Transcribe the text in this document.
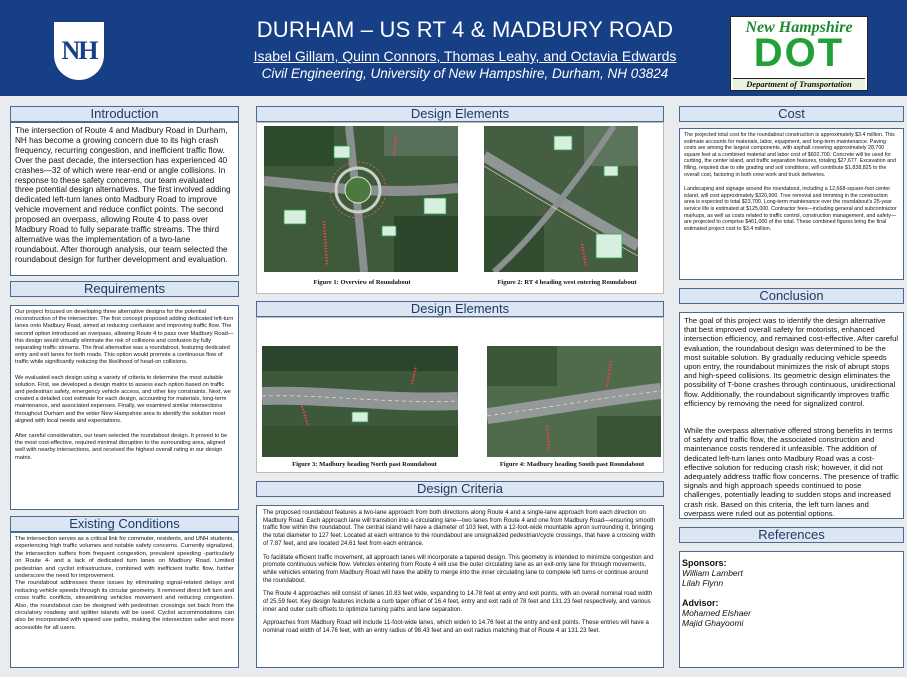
NH
DURHAM – US RT 4 & MADBURY ROAD
Isabel Gillam, Quinn Connors, Thomas Leahy, and Octavia Edwards
Civil Engineering, University of New Hampshire, Durham, NH 03824
New Hampshire
DOT
Department of Transportation
Introduction
The intersection of Route 4 and Madbury Road in Durham, NH has become a growing concern due to its high crash frequency, recurring congestion, and inefficient traffic flow. Over the past decade, the intersection has experienced 40 crashes—32 of which were rear-end or angle collisions. In response to these safety concerns, our team evaluated three potential design alternatives. The first involved adding dedicated left-turn lanes onto Madbury Road to improve vehicle movement and reduce conflict points. The second proposed an overpass, allowing Route 4 to pass over Madbury Road to fully separate traffic streams. The third alternative was the implementation of a two-lane roundabout. After thorough analysis, our team selected the roundabout design for further development and evaluation.
Requirements

Our project focused on developing three alternative designs for the potential reconstruction of the intersection. The first concept proposed adding dedicated left-turn lanes onto Madbury Road, aimed at reducing confusion and improving traffic flow. The second option introduced an overpass, allowing Route 4 to pass over Madbury Road—this design would virtually eliminate the risk of collisions and confusion by fully separating traffic streams. The final alternative was a roundabout, featuring dedicated entry and exit lanes for both roads. This option would promote a continuous flow of traffic while significantly reducing the likelihood of head-on collisions.

We evaluated each design using a variety of criteria to determine the most suitable solution. First, we developed a design matrix to assess each option based on traffic and pedestrian safety, emergency vehicle access, and other key constraints. Next, we created a detailed cost estimate for each design, accounting for materials, long-term maintenance, and associated expenses. Finally, we examined similar intersections throughout Durham and the wider New Hampshire area to identify the solution most aligned with local needs and expectations.

After careful consideration, our team selected the roundabout design. It proved to be the most cost-effective, required minimal disruption to the surrounding area, aligned well with nearby intersections, and received the highest overall rating in our design matrix.

Existing Conditions

The intersection serves as a critical link for commuter, residents, and UNH students, experiencing high traffic volumes and notable safety concerns. Currently signalized, the intersection suffers from frequent congestion, prevalent speeding -particularly on Route 4- and a lack of dedicated turn lanes on Madbury Road. Limited pedestrian and cyclist infrastructure, combined with inefficient traffic flow, further underscore the need for improvement.

The roundabout addresses these issues by eliminating signal-related delays and reducing vehicle speeds through its circular geometry. It removed direct left turn and cross traffic conflicts, streamlining vehicles movement and reducing congestion. Also, the roundabout can be designed with pedestrian crossings set back from the circulatory roadway and splitter islands will be used. Cyclist accommodations can also be incorporated with spared use paths, making the intersection safer and more accessible for all users.

Design Elements
Figure 1: Overview of Roundabout	Figure 2: RT 4 heading west entering Roundabout
Design Elements
Figure 3: Madbury heading North past Roundabout	Figure 4: Madbury heading South past Roundabout
Design Criteria

The proposed roundabout features a two-lane approach from both directions along Route 4 and a single-lane approach from each direction on Madbury Road. Each approach lane will transition into a circulating lane—two lanes from Route 4 and one from Madbury Road—ensuring smooth traffic flow within the roundabout. The central island will have a diameter of 103 feet, with a 12-foot-wide mountable apron surrounding it, bringing the total diameter to 127 feet. Located at each entrance to the roundabout are unsignalized pedestrian/cycle crossings, that have a crossing width of 7.87 feet, and are located 24.61 feet from each entrance.

To facilitate efficient traffic movement, all approach lanes will incorporate a tapered design. This geometry is intended to minimize congestion and promote continuous vehicle flow. Vehicles entering from Route 4 will use the outer circulating lane as an exit-only lane for through movements, while vehicles entering from Madbury Road will have the ability to merge into the inner circulating lane to complete left turns or continue around the roundabout.

The Route 4 approaches will consist of lanes 10.83 feet wide, expanding to 14.78 feet at entry and exit points, with an overall nominal road width of 25.59 feet. Key design features include a curb taper offset of 16.4 feet, entry and exit radii of 78 feet and 131.23 feet respectively, and various inner and outer curb offsets to optimize turning paths and lane separation.

Approaches from Madbury Road will include 11-foot-wide lanes, which widen to 14.76 feet at the entry and exit points. These entries will have a nominal road width of 14.76 feet, with an entry radius of 98.43 feet and an exit radius matching that of Route 4 at 131.23 feet.

Cost

The projected total cost for the roundabout construction is approximately $3.4 million. This estimate accounts for materials, labor, equipment, and long-term maintenance. Paving costs are among the largest components, with asphalt covering approximately 28,700 square feet at a combined material and labor cost of $602,700. Concrete will be used for curbing, the center island, and traffic separation features, totaling $27,677. Excavation and filling, required due to site grading and soil conditions, will contribute $1,838,825 to the overall cost, factoring in both crew work and truck deliveries.

Landscaping and signage around the roundabout, including a 12,668-square-foot center island, will cost approximately $320,900. Tree removal and trimming in the construction area is expected to total $23,700. Long-term maintenance over the roundabout's 25-year service life is estimated at $125,000. Contractor fees—including general and subcontractor markups, as well as costs related to traffic control, construction management, and safety—are projected to comprise $461,000 of the total. These combined figures bring the final estimated project cost to $3.4 million.

Conclusion

The goal of this project was to identify the design alternative that best improved overall safety for motorists, enhanced intersection efficiency, and remained cost-effective. After careful evaluation, the roundabout design was determined to be the most suitable solution. By gradually reducing vehicle speeds upon entry, the roundabout minimizes the risk of abrupt stops and high-speed collisions. Its geometric design eliminates the possibility of T-bone crashes through continuous, unidirectional flow. Additionally, the roundabout significantly improves traffic efficiency by removing the need for signalized control.

While the overpass alternative offered strong benefits in terms of safety and traffic flow, the associated construction and maintenance costs rendered it unfeasible. The addition of dedicated left-turn lanes onto Madbury Road was a cost-effective solution for reducing crash risk; however, it did not adequately address traffic flow concerns. The presence of traffic signals and high approach speeds continued to pose challenges, potentially leading to sudden stops and increased crash risk. Based on this criteria, the left turn lanes and overpass were ruled out as potential options.

References
Sponsors:
William Lambert
Lilah Flynn
Advisor:
Mohamed Elshaer
Majid Ghayoomi
